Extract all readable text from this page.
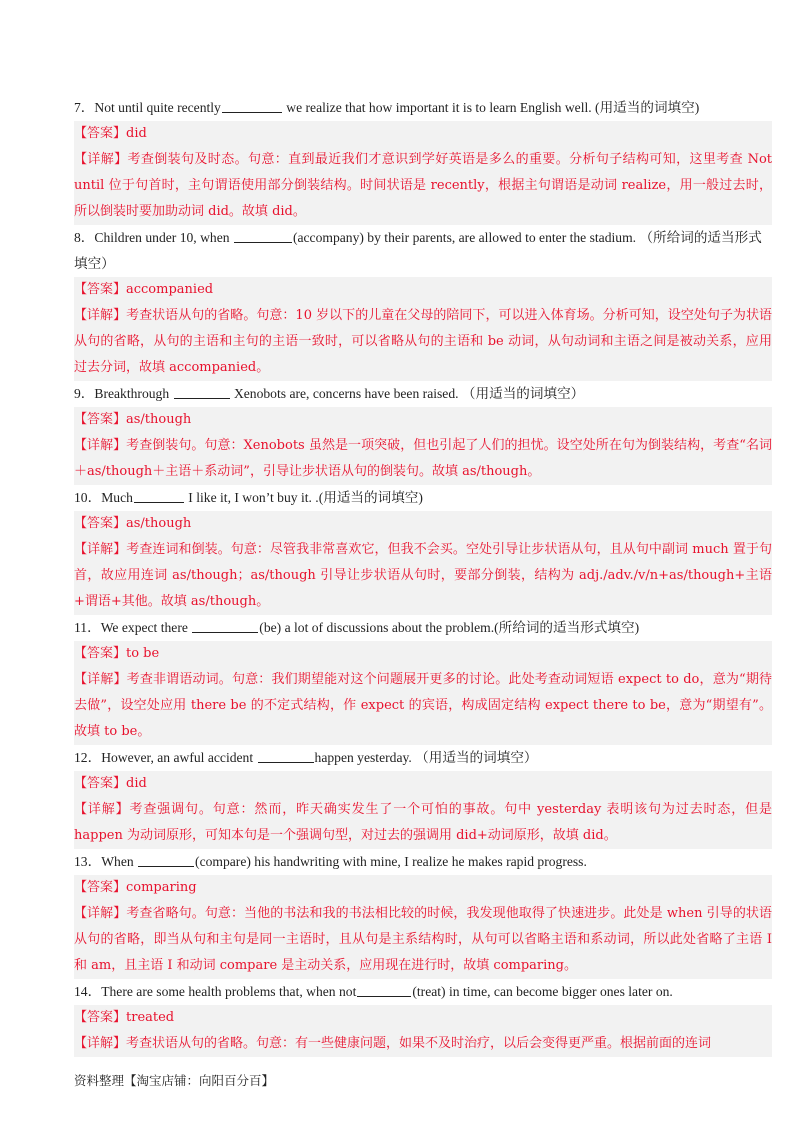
7．Not until quite recently	we realize that how important it is to learn English well. (用适当的词填空)

【答案】did

【详解】考查倒装句及时态。句意：直到最近我们才意识到学好英语是多么的重要。分析句子结构可知，这里考查 Not until 位于句首时，主句谓语使用部分倒装结构。时间状语是 recently，根据主句谓语是动词 realize，用一般过去时，所以倒装时要加助动词 did。故填 did。

8．Children under 10, when	(accompany) by their parents, are allowed to enter the stadium. （所给词的适当形式填空）

【答案】accompanied

【详解】考查状语从句的省略。句意：10 岁以下的儿童在父母的陪同下，可以进入体育场。分析可知，设空处句子为状语从句的省略，从句的主语和主句的主语一致时，可以省略从句的主语和 be 动词，从句动词和主语之间是被动关系，应用过去分词，故填 accompanied。

9．Breakthrough	Xenobots are, concerns have been raised. （用适当的词填空）

【答案】as/though

【详解】考查倒装句。句意：Xenobots 虽然是一项突破，但也引起了人们的担忧。设空处所在句为倒装结构，考查“名词＋as/though＋主语＋系动词”，引导让步状语从句的倒装句。故填 as/though。

10．Much	I like it, I won’t buy it. .(用适当的词填空)

【答案】as/though

【详解】考查连词和倒装。句意：尽管我非常喜欢它，但我不会买。空处引导让步状语从句，且从句中副词 much 置于句首，故应用连词 as/though；as/though 引导让步状语从句时，要部分倒装，结构为 adj./adv./v/n+as/though+主语+谓语+其他。故填 as/though。

11．We expect there	(be) a lot of discussions about the problem.(所给词的适当形式填空)

【答案】to be

【详解】考查非谓语动词。句意：我们期望能对这个问题展开更多的讨论。此处考查动词短语 expect to do，意为“期待去做”，设空处应用 there be 的不定式结构，作 expect 的宾语，构成固定结构 expect there to be，意为“期望有”。故填 to be。

12．However, an awful accident	happen yesterday. （用适当的词填空）

【答案】did

【详解】考查强调句。句意：然而，昨天确实发生了一个可怕的事故。句中 yesterday 表明该句为过去时态，但是 happen 为动词原形，可知本句是一个强调句型，对过去的强调用 did+动词原形，故填 did。

13．When	(compare) his handwriting with mine, I realize he makes rapid progress.

【答案】comparing

【详解】考查省略句。句意：当他的书法和我的书法相比较的时候，我发现他取得了快速进步。此处是 when 引导的状语从句的省略，即当从句和主句是同一主语时，且从句是主系结构时，从句可以省略主语和系动词，所以此处省略了主语 I 和 am，且主语 I 和动词 compare 是主动关系，应用现在进行时，故填 comparing。

14．There are some health problems that, when not	(treat) in time, can become bigger ones later on.

【答案】treated

【详解】考查状语从句的省略。句意：有一些健康问题，如果不及时治疗，以后会变得更严重。根据前面的连词

资料整理【淘宝店铺：向阳百分百】
